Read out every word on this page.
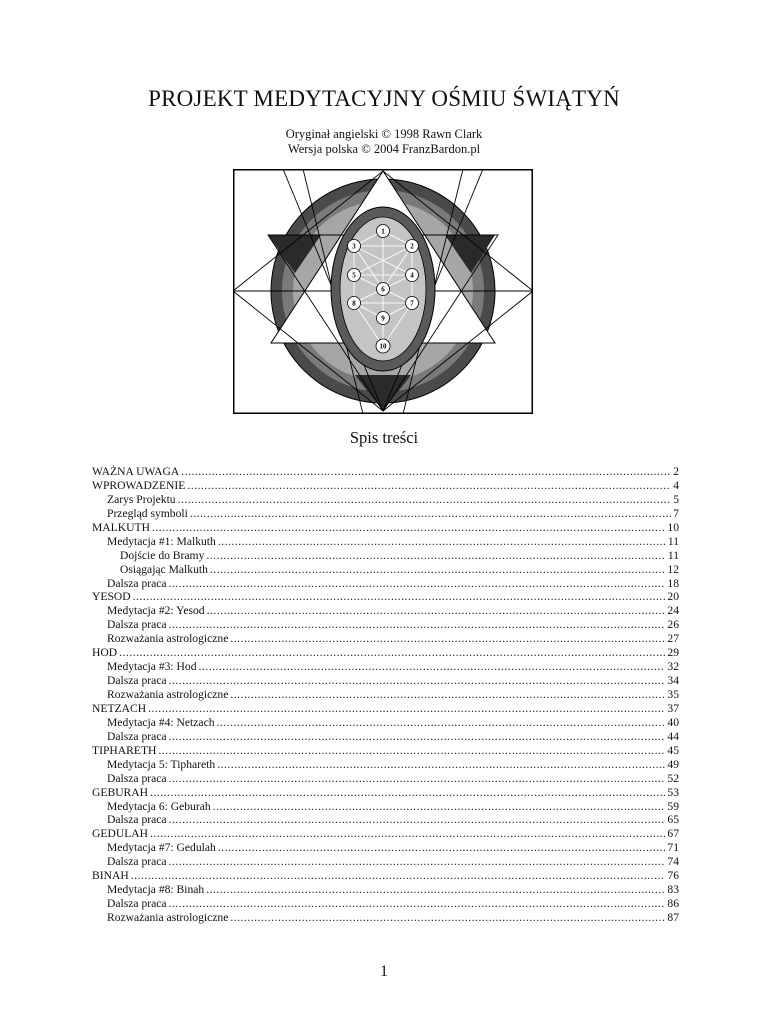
PROJEKT MEDYTACYJNY OŚMIU ŚWIĄTYŃ
Oryginał angielski © 1998 Rawn Clark
Wersja polska © 2004 FranzBardon.pl
1
2
3
4
5
6
7
8
9
10
Spis treści
WAŻNA UWAGA .....	2
WPROWADZENIE .....	4
Zarys Projektu .....	5
Przegląd symboli .....	7
MALKUTH .....	10
Medytacja #1: Malkuth .....	11
Dojście do Bramy .....	11
Osiągając Malkuth .....	12
Dalsza praca .....	18
YESOD .....	20
Medytacja #2: Yesod .....	24
Dalsza praca .....	26
Rozważania astrologiczne .....	27
HOD .....	29
Medytacja #3: Hod .....	32
Dalsza praca .....	34
Rozważania astrologiczne .....	35
NETZACH .....	37
Medytacja #4: Netzach .....	40
Dalsza praca .....	44
TIPHARETH .....	45
Medytacja 5: Tiphareth .....	49
Dalsza praca .....	52
GEBURAH .....	53
Medytacja 6: Geburah .....	59
Dalsza praca .....	65
GEDULAH .....	67
Medytacja #7: Gedulah .....	71
Dalsza praca .....	74
BINAH .....	76
Medytacja #8: Binah .....	83
Dalsza praca .....	86
Rozważania astrologiczne .....	87
1
